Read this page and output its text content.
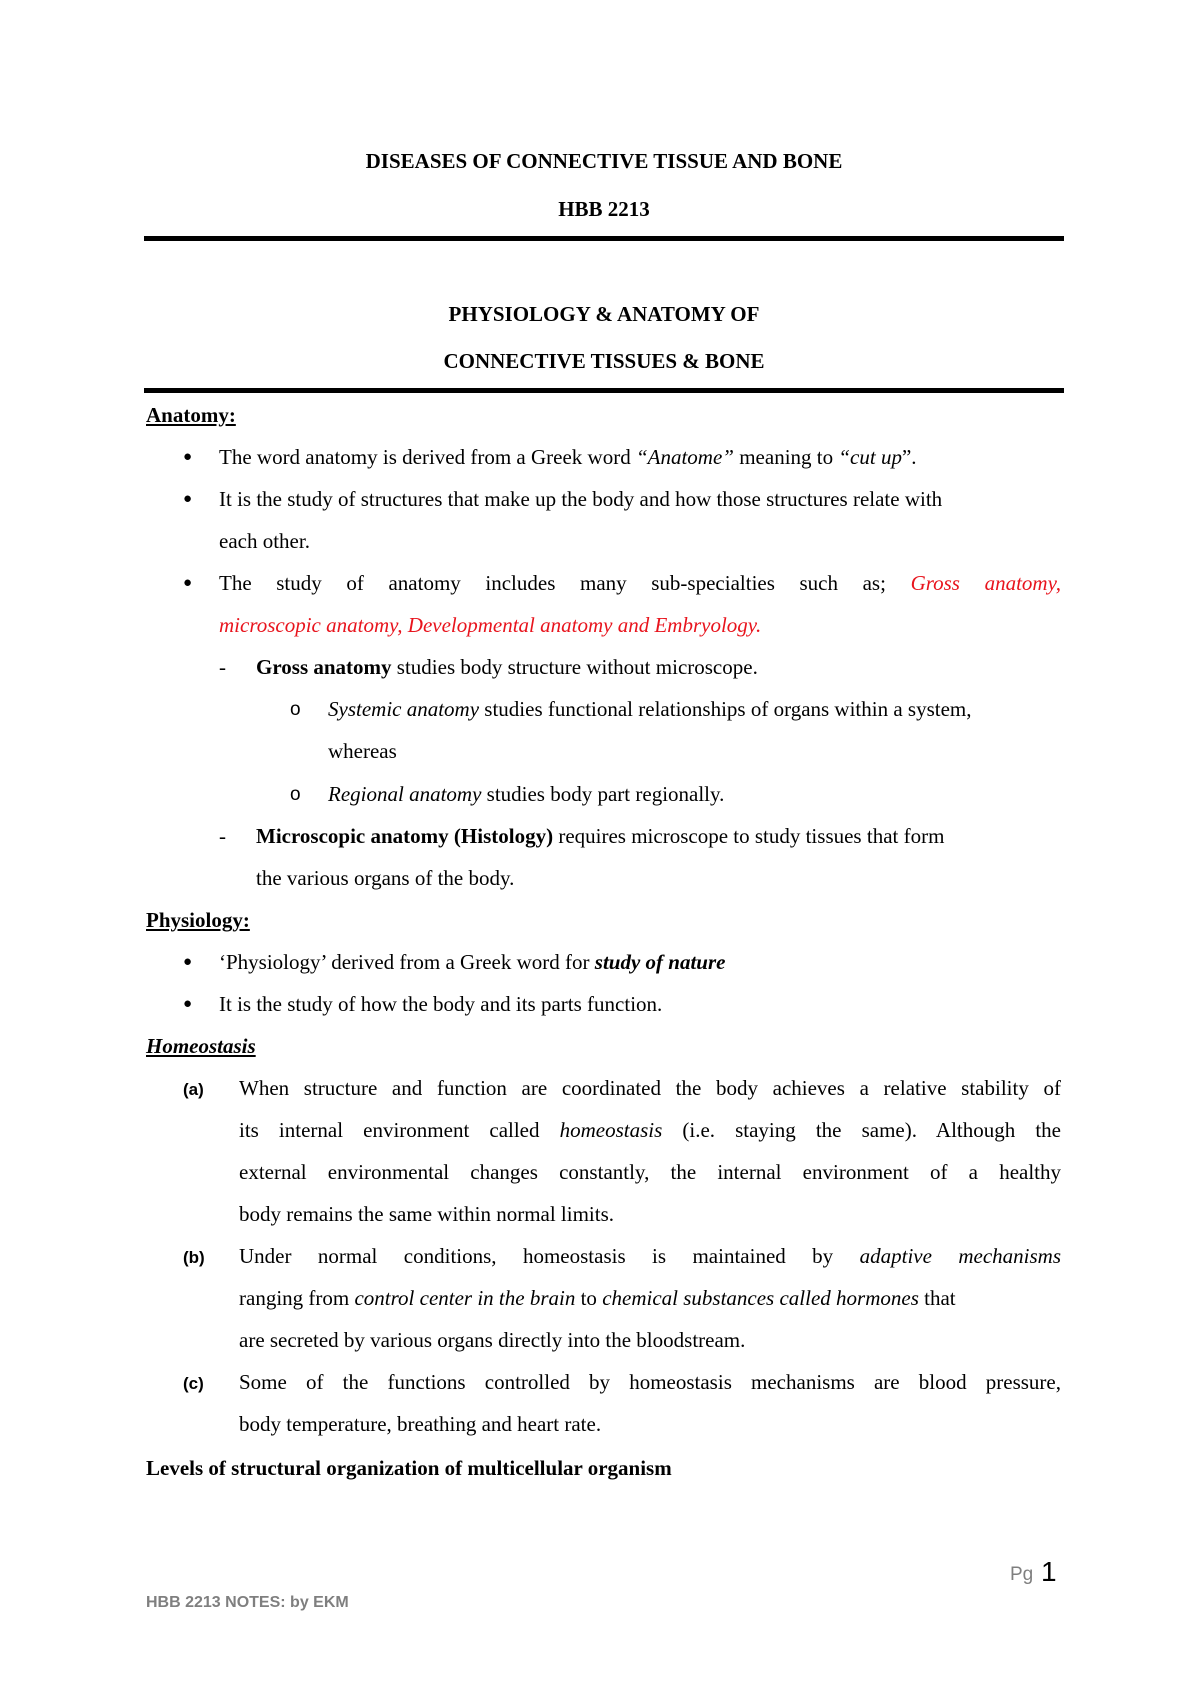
DISEASES OF CONNECTIVE TISSUE AND BONE
HBB 2213
PHYSIOLOGY & ANATOMY OF
CONNECTIVE TISSUES & BONE
Anatomy:
● The word anatomy is derived from a Greek word “Anatome” meaning to “cut up”.
● It is the study of structures that make up the body and how those structures relate with
each other.
● The study of anatomy includes many sub-specialties such as; Gross anatomy,
microscopic anatomy, Developmental anatomy and Embryology.
- Gross anatomy studies body structure without microscope.
o Systemic anatomy studies functional relationships of organs within a system,
whereas
o Regional anatomy studies body part regionally.
- Microscopic anatomy (Histology) requires microscope to study tissues that form
the various organs of the body.
Physiology:
● ‘Physiology’ derived from a Greek word for study of nature
● It is the study of how the body and its parts function.
Homeostasis
(a) When structure and function are coordinated the body achieves a relative stability of
its internal environment called homeostasis (i.e. staying the same). Although the
external environmental changes constantly, the internal environment of a healthy
body remains the same within normal limits.
(b) Under normal conditions, homeostasis is maintained by adaptive mechanisms
ranging from control center in the brain to chemical substances called hormones that
are secreted by various organs directly into the bloodstream.
(c) Some of the functions controlled by homeostasis mechanisms are blood pressure,
body temperature, breathing and heart rate.
Levels of structural organization of multicellular organism
Pg 1
HBB 2213 NOTES: by EKM
